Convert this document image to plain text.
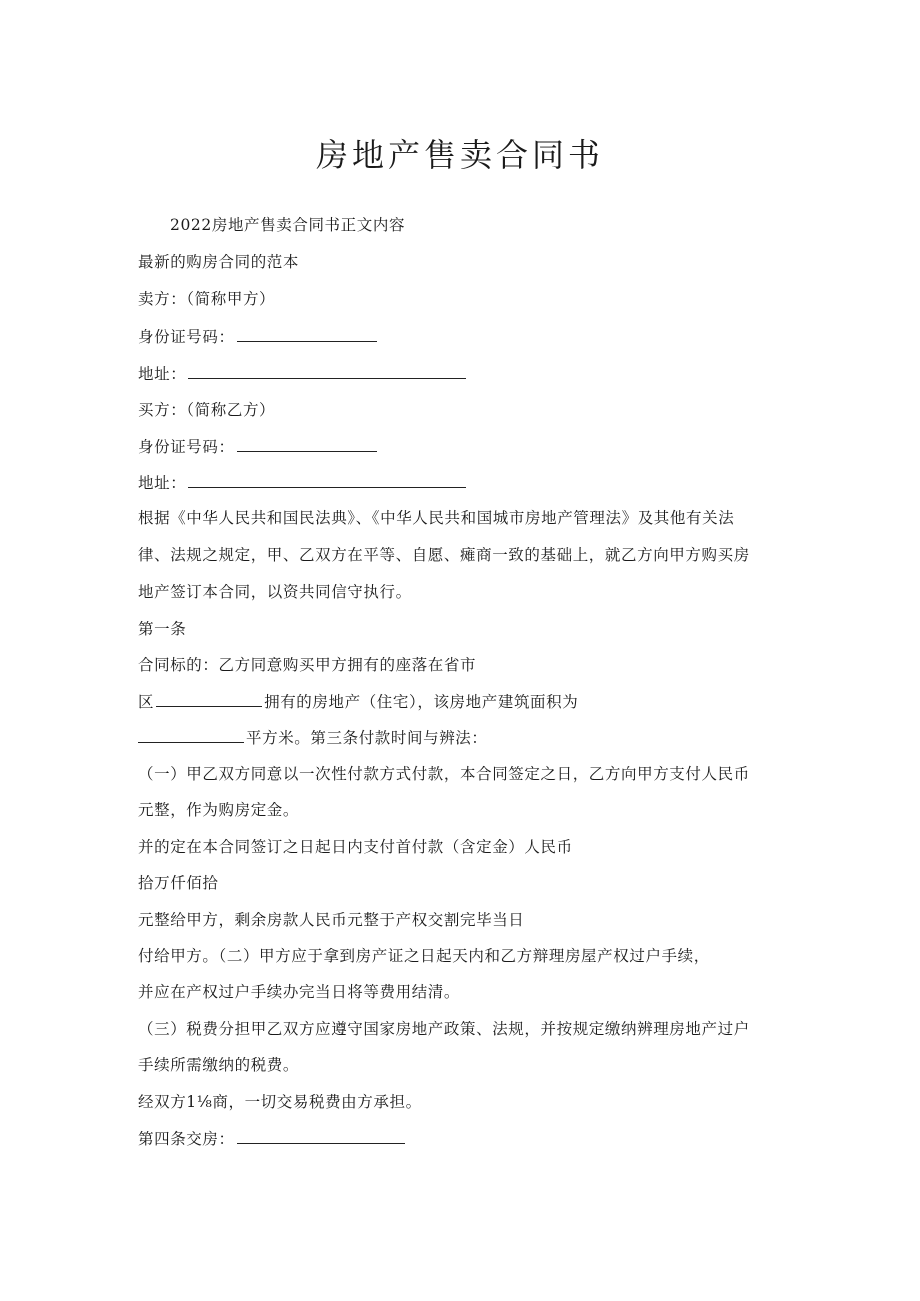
房地产售卖合同书
2022房地产售卖合同书正文内容
最新的购房合同的范本
卖方：（简称甲方）
身份证号码：
地址：
买方：（简称乙方）
身份证号码：
地址：
根据《中华人民共和国民法典》、《中华人民共和国城市房地产管理法》及其他有关法
律、法规之规定，甲、乙双方在平等、自愿、瘫商一致的基础上，就乙方向甲方购买房
地产签订本合同，以资共同信守执行。
第一条
合同标的：乙方同意购买甲方拥有的座落在省市
区	拥有的房地产（住宅），该房地产建筑面积为
平方米。第三条付款时间与辨法：
（一）甲乙双方同意以一次性付款方式付款，本合同签定之日，乙方向甲方支付人民币
元整，作为购房定金。
并的定在本合同签订之日起日内支付首付款（含定金）人民币
拾万仟佰拾
元整给甲方，剩余房款人民币元整于产权交割完毕当日
付给甲方。（二）甲方应于拿到房产证之日起天内和乙方辩理房屋产权过户手续，
并应在产权过户手续办完当日将等费用结清。
（三）税费分担甲乙双方应遵守国家房地产政策、法规，并按规定缴纳辨理房地产过户
手续所需缴纳的税费。
经双方1⅛商，一切交易税费由方承担。
第四条交房：
